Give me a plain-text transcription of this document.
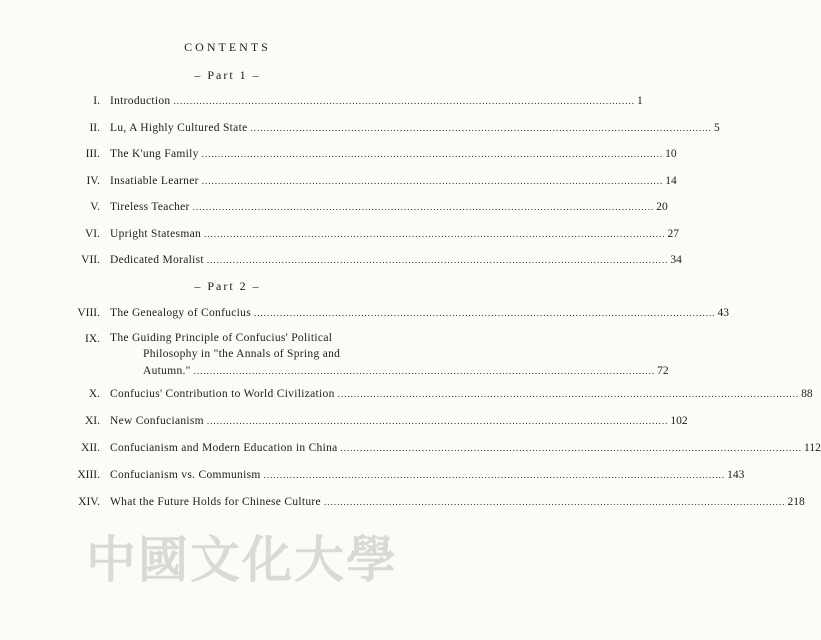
CONTENTS
– Part 1 –
I. Introduction .............................................................................................................................................. 1
II. Lu, A Highly Cultured State .............................................................................................................................................. 5
III. The K'ung Family .............................................................................................................................................. 10
IV. Insatiable Learner .............................................................................................................................................. 14
V. Tireless Teacher .............................................................................................................................................. 20
VI. Upright Statesman .............................................................................................................................................. 27
VII. Dedicated Moralist .............................................................................................................................................. 34
– Part 2 –
VIII. The Genealogy of Confucius .............................................................................................................................................. 43
IX. The Guiding Principle of Confucius' Political
Philosophy in "the Annals of Spring and
Autumn." .............................................................................................................................................. 72
X. Confucius' Contribution to World Civilization .............................................................................................................................................. 88
XI. New Confucianism .............................................................................................................................................. 102
XII. Confucianism and Modern Education in China .............................................................................................................................................. 112
XIII. Confucianism vs. Communism .............................................................................................................................................. 143
XIV. What the Future Holds for Chinese Culture .............................................................................................................................................. 218
中國文化大學
